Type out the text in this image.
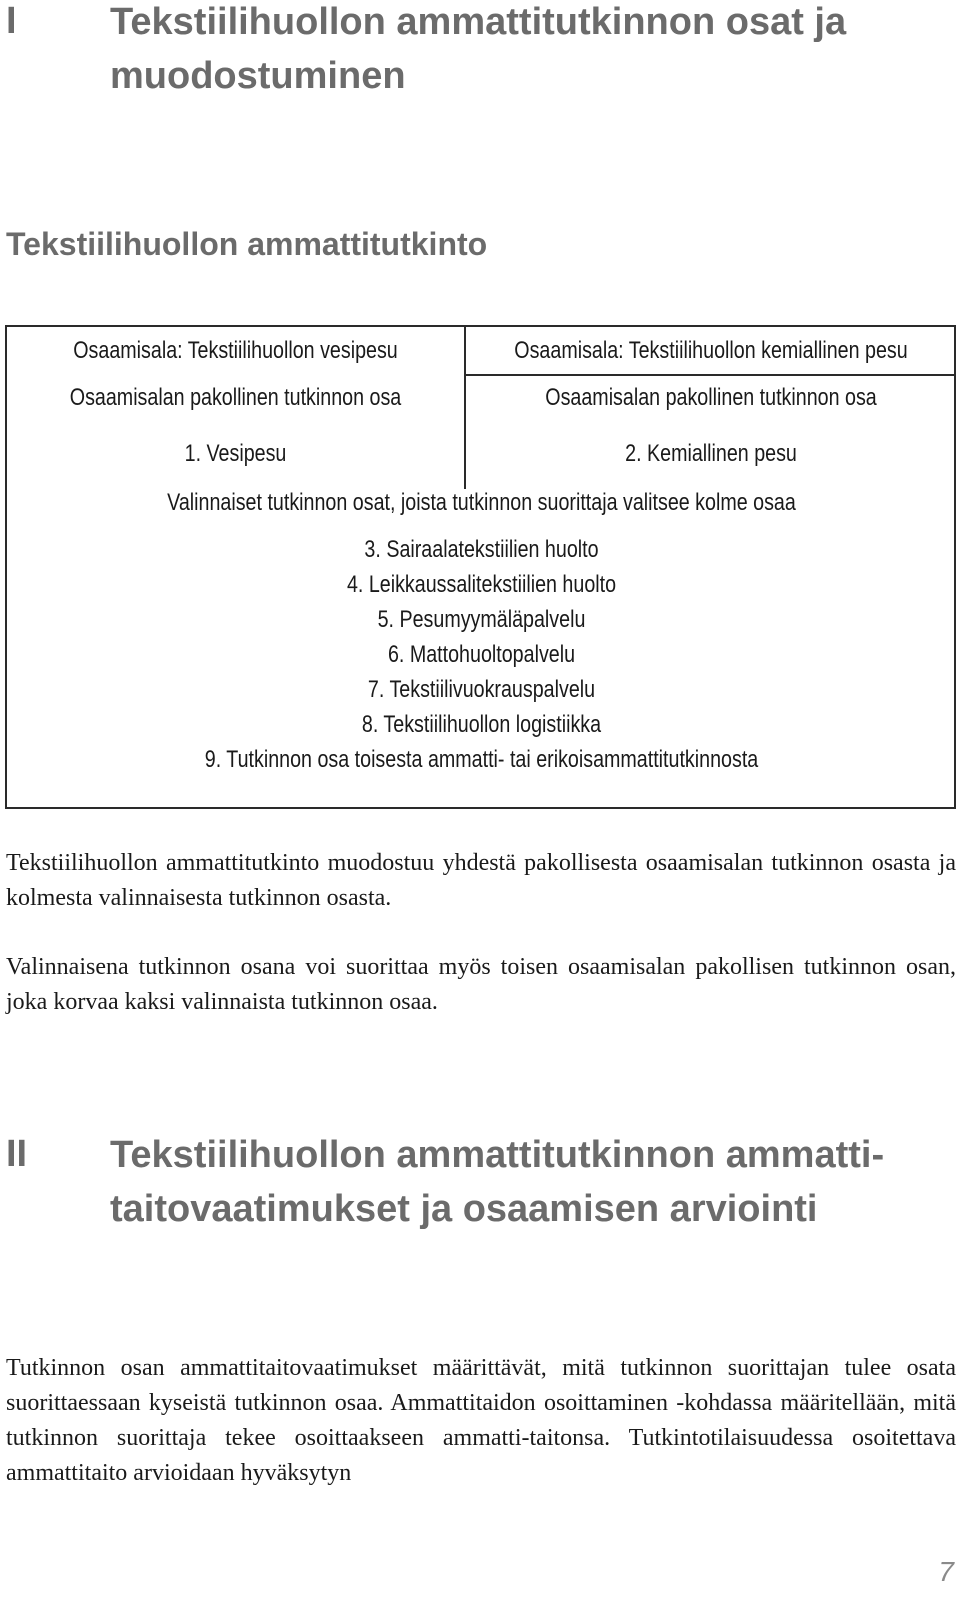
I Tekstiilihuollon ammattitutkinnon osat ja
muodostuminen
Tekstiilihuollon ammattitutkinto
Osaamisala: Tekstiilihuollon vesipesu	Osaamisala: Tekstiilihuollon kemiallinen pesu
Osaamisalan pakollinen tutkinnon osa	Osaamisalan pakollinen tutkinnon osa
1. Vesipesu	2. Kemiallinen pesu
Valinnaiset tutkinnon osat, joista tutkinnon suorittaja valitsee kolme osaa
3. Sairaalatekstiilien huolto
4. Leikkaussalitekstiilien huolto
5. Pesumyymäläpalvelu
6. Mattohuoltopalvelu
7. Tekstiilivuokrauspalvelu
8. Tekstiilihuollon logistiikka
9. Tutkinnon osa toisesta ammatti- tai erikoisammattitutkinnosta
Tekstiilihuollon ammattitutkinto muodostuu yhdestä pakollisesta osaamisalan tutkinnon osasta ja kolmesta valinnaisesta tutkinnon osasta.
Valinnaisena tutkinnon osana voi suorittaa myös toisen osaamisalan pakollisen tutkinnon osan, joka korvaa kaksi valinnaista tutkinnon osaa.
II Tekstiilihuollon ammattitutkinnon ammatti-
taitovaatimukset ja osaamisen arviointi
Tutkinnon osan ammattitaitovaatimukset määrittävät, mitä tutkinnon suorittajan tulee osata suorittaessaan kyseistä tutkinnon osaa. Ammattitaidon osoittaminen -kohdassa määritellään, mitä tutkinnon suorittaja tekee osoittaakseen ammatti-taitonsa. Tutkintotilaisuudessa osoitettava ammattitaito arvioidaan hyväksytyn
7
